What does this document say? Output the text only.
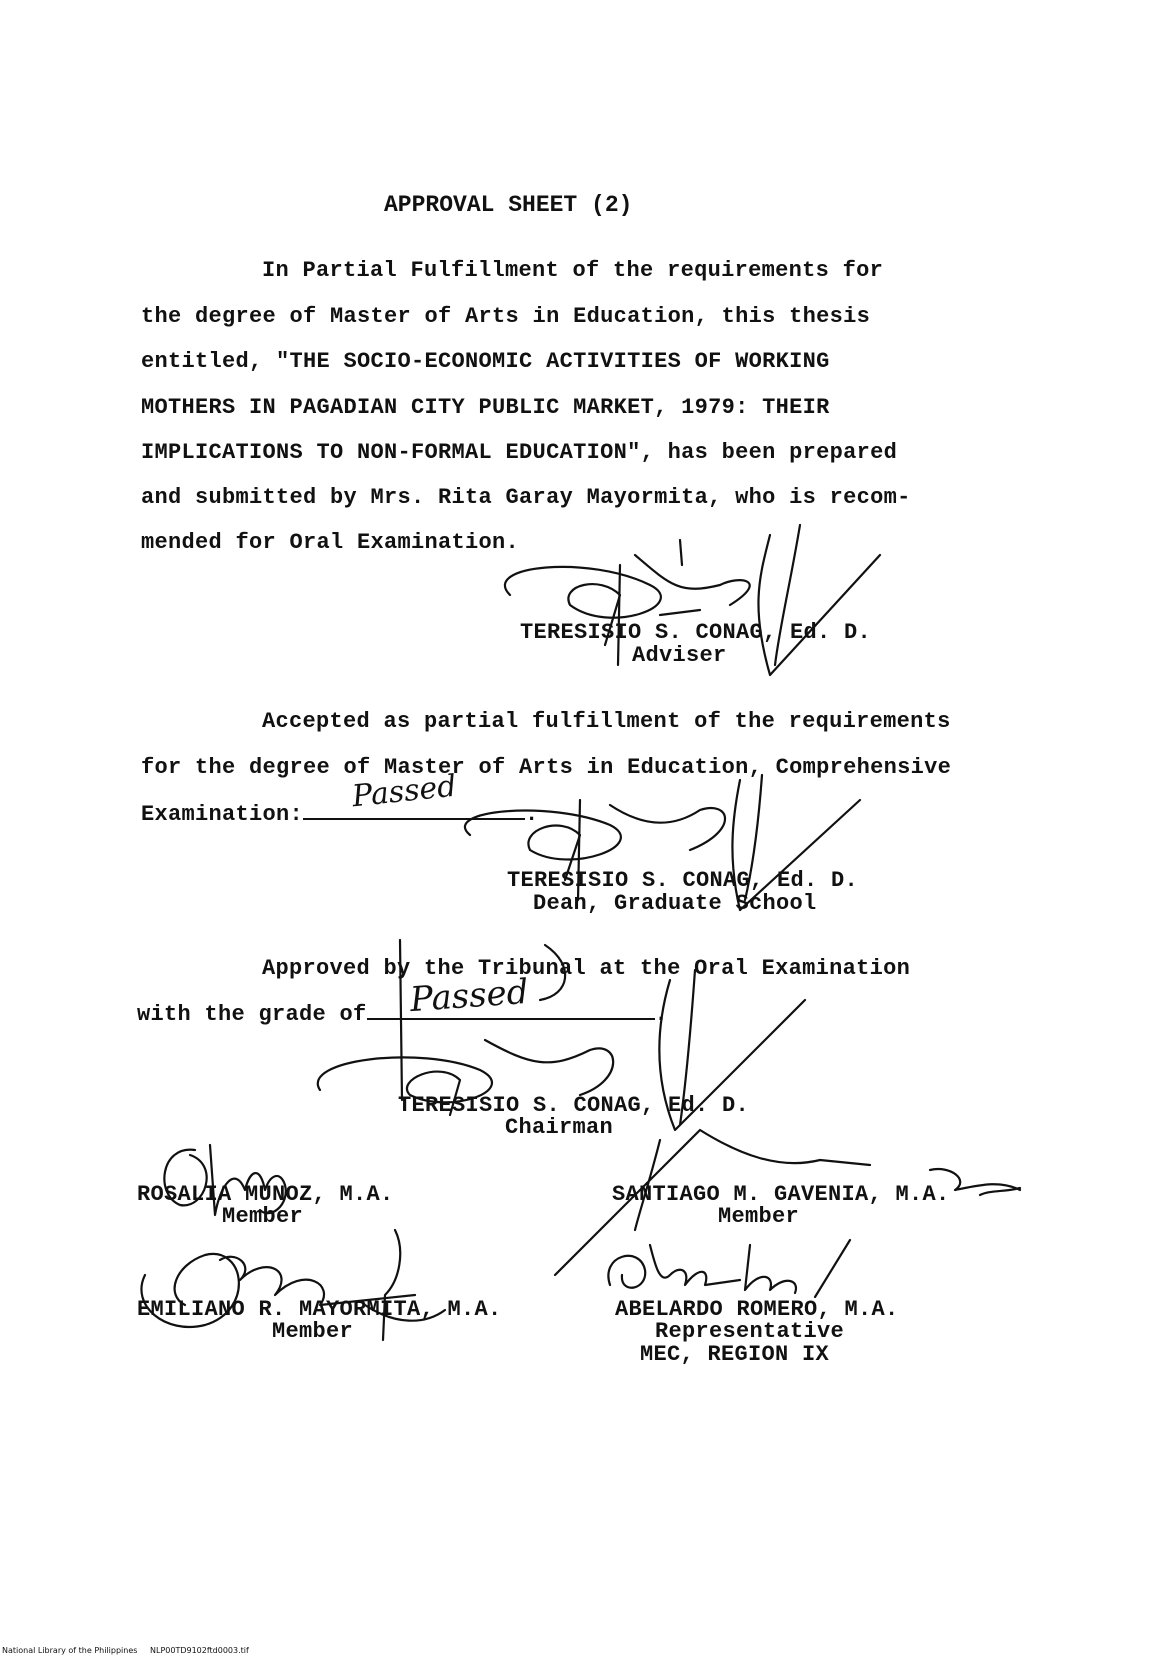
APPROVAL SHEET (2)
In Partial Fulfillment of the requirements for
the degree of Master of Arts in Education, this thesis
entitled, "THE SOCIO-ECONOMIC ACTIVITIES OF WORKING
MOTHERS IN PAGADIAN CITY PUBLIC MARKET, 1979: THEIR
IMPLICATIONS TO NON-FORMAL EDUCATION", has been prepared
and submitted by Mrs. Rita Garay Mayormita, who is recom-
mended for Oral Examination.
TERESISIO S. CONAG, Ed. D.
Adviser
Accepted as partial fulfillment of the requirements
for the degree of Master of Arts in Education, Comprehensive
Examination:	.
Passed
TERESISIO S. CONAG, Ed. D.
Dean, Graduate School
Approved by the Tribunal at the Oral Examination
with the grade of	.
Passed
TERESISIO S. CONAG, Ed. D.
Chairman
ROSALIA MUNOZ, M.A.
Member
SANTIAGO M. GAVENIA, M.A.
Member
EMILIANO R. MAYORMITA, M.A.
Member
ABELARDO ROMERO, M.A.
Representative
MEC, REGION IX
National Library of the Philippines NLP00TD9102ftd0003.tif
